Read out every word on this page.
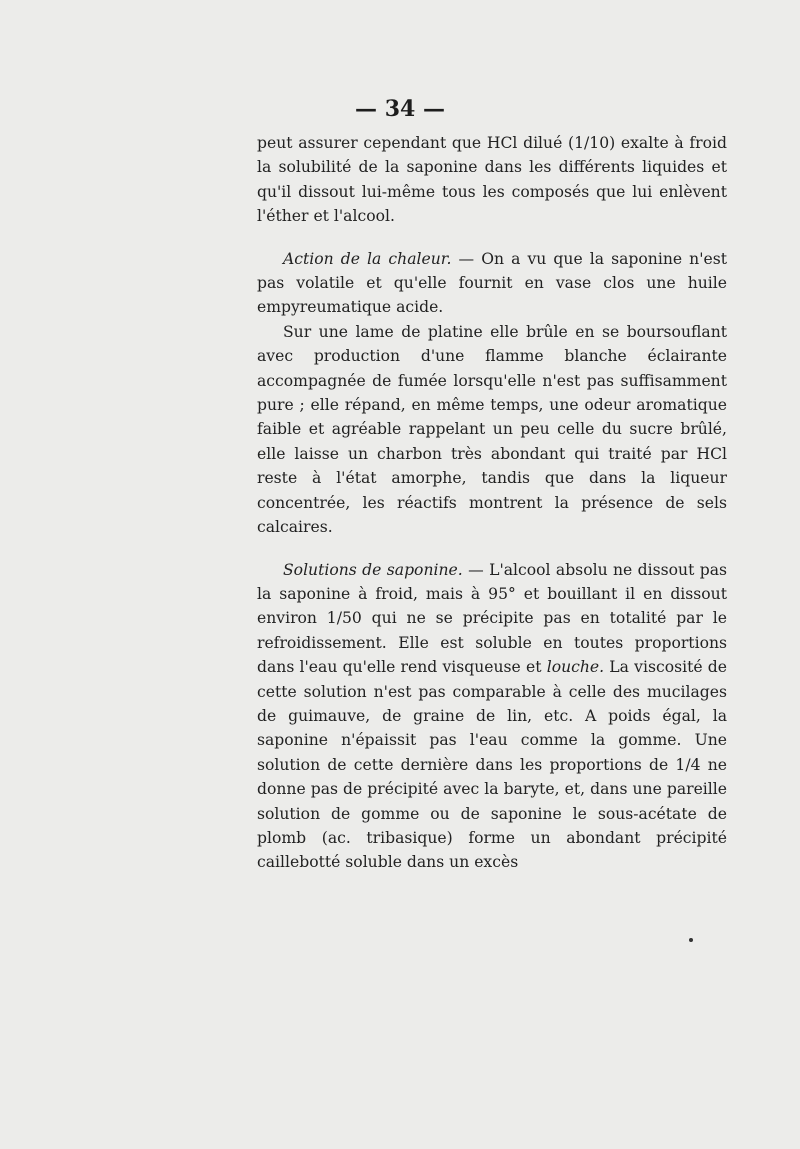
— 34 —

peut assurer cependant que HCl dilué (1/10) exalte à froid la solubilité de la saponine dans les différents liquides et qu'il dissout lui-même tous les composés que lui enlèvent l'éther et l'alcool.

Action de la chaleur. — On a vu que la saponine n'est pas volatile et qu'elle fournit en vase clos une huile empyreumatique acide.

Sur une lame de platine elle brûle en se boursouflant avec production d'une flamme blanche éclairante accompagnée de fumée lorsqu'elle n'est pas suffisamment pure ; elle répand, en même temps, une odeur aromatique faible et agréable rappelant un peu celle du sucre brûlé, elle laisse un charbon très abondant qui traité par HCl reste à l'état amorphe, tandis que dans la liqueur concentrée, les réactifs montrent la présence de sels calcaires.

Solutions de saponine. — L'alcool absolu ne dissout pas la saponine à froid, mais à 95° et bouillant il en dissout environ 1/50 qui ne se précipite pas en totalité par le refroidissement. Elle est soluble en toutes proportions dans l'eau qu'elle rend visqueuse et louche. La viscosité de cette solution n'est pas comparable à celle des mucilages de guimauve, de graine de lin, etc. A poids égal, la saponine n'épaissit pas l'eau comme la gomme. Une solution de cette dernière dans les proportions de 1/4 ne donne pas de précipité avec la baryte, et, dans une pareille solution de gomme ou de saponine le sous-acétate de plomb (ac. tribasique) forme un abondant précipité caillebotté soluble dans un excès
